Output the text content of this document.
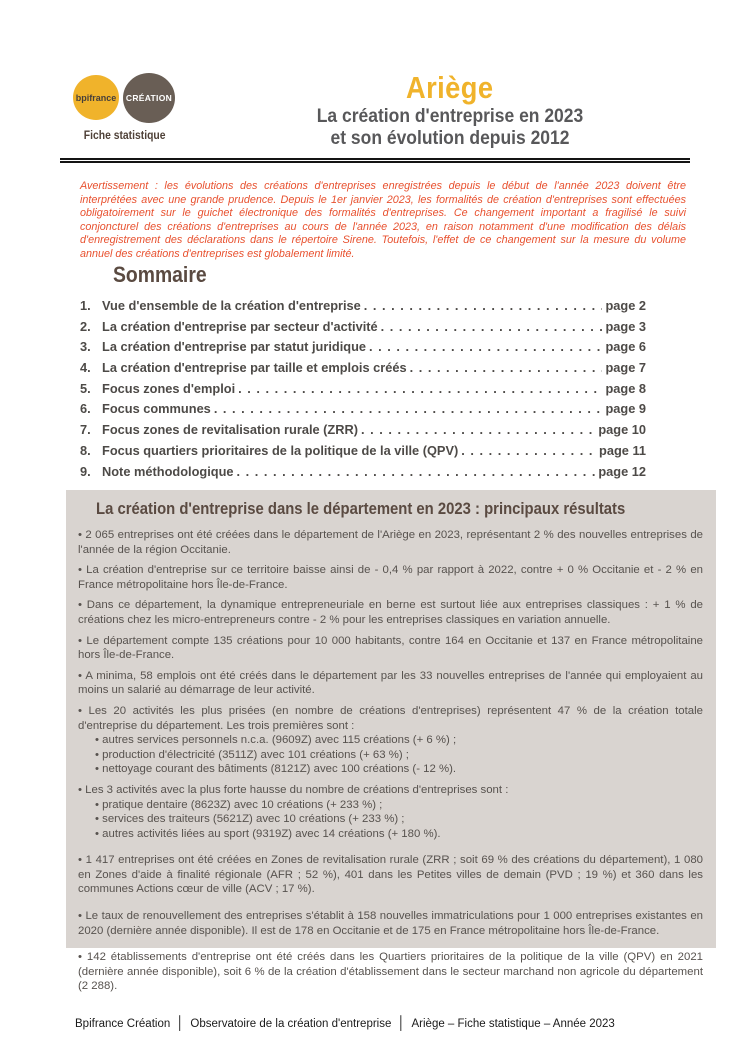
bpifrance CRÉATION
Fiche statistique
Ariège
La création d'entreprise en 2023
et son évolution depuis 2012
Avertissement : les évolutions des créations d'entreprises enregistrées depuis le début de l'année 2023 doivent être interprétées avec une grande prudence. Depuis le 1er janvier 2023, les formalités de création d'entreprises sont effectuées obligatoirement sur le guichet électronique des formalités d'entreprises. Ce changement important a fragilisé le suivi conjoncturel des créations d'entreprises au cours de l'année 2023, en raison notamment d'une modification des délais d'enregistrement des déclarations dans le répertoire Sirene. Toutefois, l'effet de ce changement sur la mesure du volume annuel des créations d'entreprises est globalement limité.
Sommaire
1. Vue d'ensemble de la création d'entreprise . . .	page 2
2. La création d'entreprise par secteur d'activité . . .	page 3
3. La création d'entreprise par statut juridique . . .	page 6
4. La création d'entreprise par taille et emplois créés . . .	page 7
5. Focus zones d'emploi . . .	page 8
6. Focus communes . . .	page 9
7. Focus zones de revitalisation rurale (ZRR) . . .	page 10
8. Focus quartiers prioritaires de la politique de la ville (QPV) . . .	page 11
9. Note méthodologique . . .	page 12
La création d'entreprise dans le département en 2023 : principaux résultats

• 2 065 entreprises ont été créées dans le département de l'Ariège en 2023, représentant 2 % des nouvelles entreprises de l'année de la région Occitanie.

• La création d'entreprise sur ce territoire baisse ainsi de - 0,4 % par rapport à 2022, contre + 0 % Occitanie et - 2 % en France métropolitaine hors Île-de-France.

• Dans ce département, la dynamique entrepreneuriale en berne est surtout liée aux entreprises classiques : + 1 % de créations chez les micro-entrepreneurs contre - 2 % pour les entreprises classiques en variation annuelle.

• Le département compte 135 créations pour 10 000 habitants, contre 164 en Occitanie et 137 en France métropolitaine hors Île-de-France.

• A minima, 58 emplois ont été créés dans le département par les 33 nouvelles entreprises de l'année qui employaient au moins un salarié au démarrage de leur activité.

• Les 20 activités les plus prisées (en nombre de créations d'entreprises) représentent 47 % de la création totale d'entreprise du département. Les trois premières sont :

• autres services personnels n.c.a. (9609Z) avec 115 créations (+ 6 %) ;

• production d'électricité (3511Z) avec 101 créations (+ 63 %) ;

• nettoyage courant des bâtiments (8121Z) avec 100 créations (- 12 %).

• Les 3 activités avec la plus forte hausse du nombre de créations d'entreprises sont :

• pratique dentaire (8623Z) avec 10 créations (+ 233 %) ;

• services des traiteurs (5621Z) avec 10 créations (+ 233 %) ;

• autres activités liées au sport (9319Z) avec 14 créations (+ 180 %).

• 1 417 entreprises ont été créées en Zones de revitalisation rurale (ZRR ; soit 69 % des créations du département), 1 080 en Zones d'aide à finalité régionale (AFR ; 52 %), 401 dans les Petites villes de demain (PVD ; 19 %) et 360 dans les communes Actions cœur de ville (ACV ; 17 %).

• Le taux de renouvellement des entreprises s'établit à 158 nouvelles immatriculations pour 1 000 entreprises existantes en 2020 (dernière année disponible). Il est de 178 en Occitanie et de 175 en France métropolitaine hors Île-de-France.

• 142 établissements d'entreprise ont été créés dans les Quartiers prioritaires de la politique de la ville (QPV) en 2021 (dernière année disponible), soit 6 % de la création d'établissement dans le secteur marchand non agricole du département (2 288).

Bpifrance Création │ Observatoire de la création d'entreprise │ Ariège – Fiche statistique – Année 2023
